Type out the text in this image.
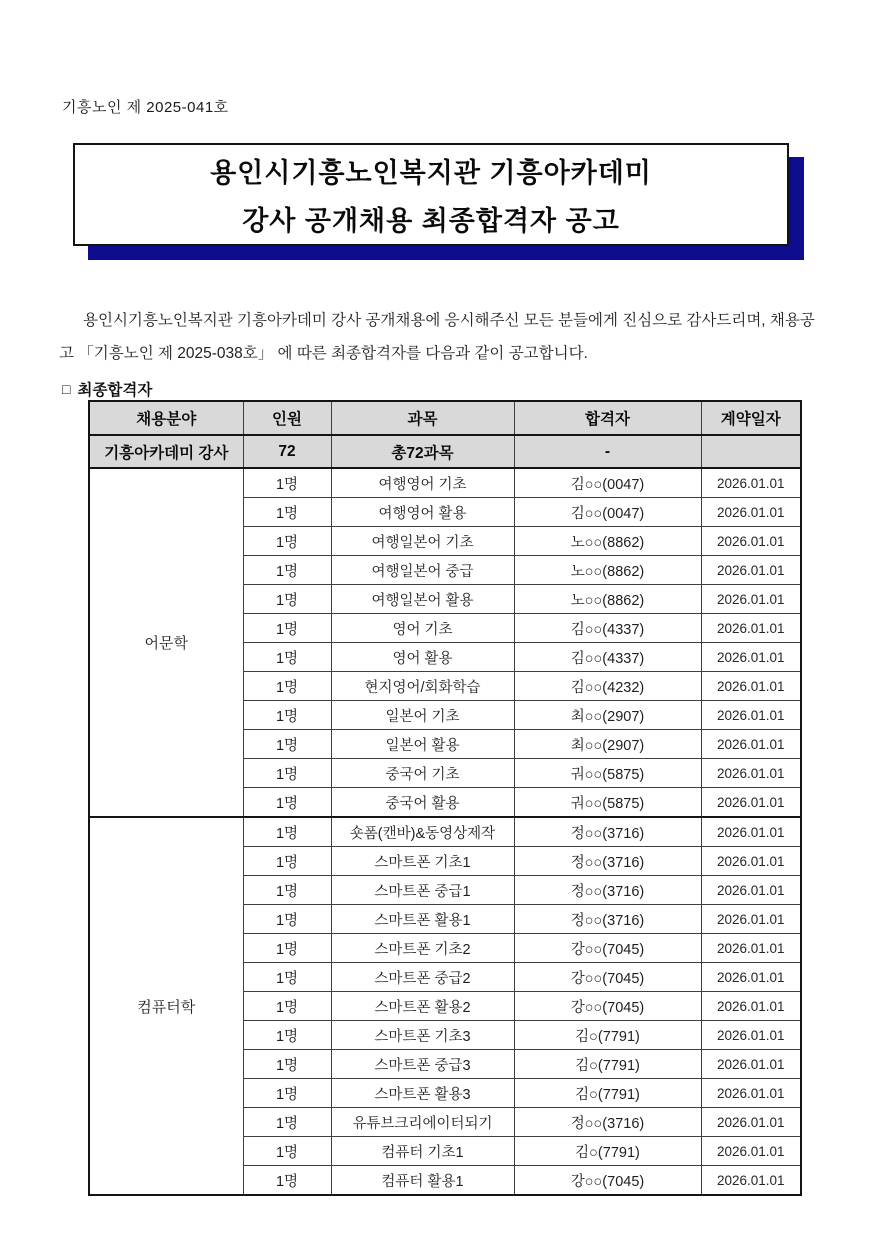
기흥노인 제 2025-041호
용인시기흥노인복지관 기흥아카데미
강사 공개채용 최종합격자 공고

용인시기흥노인복지관 기흥아카데미 강사 공개채용에 응시해주신 모든 분들에게 진심으로 감사드리며, 채용공고 「기흥노인 제 2025-038호」 에 따른 최종합격자를 다음과 같이 공고합니다.

□ 최종합격자
채용분야	인원	과목	합격자	계약일자
기흥아카데미 강사	72	총72과목	-	
어문학	1명	여행영어 기초	김○○(0047)	2026.01.01
	1명	여행영어 활용	김○○(0047)	2026.01.01
	1명	여행일본어 기초	노○○(8862)	2026.01.01
	1명	여행일본어 중급	노○○(8862)	2026.01.01
	1명	여행일본어 활용	노○○(8862)	2026.01.01
	1명	영어 기초	김○○(4337)	2026.01.01
	1명	영어 활용	김○○(4337)	2026.01.01
	1명	현지영어/회화학습	김○○(4232)	2026.01.01
	1명	일본어 기초	최○○(2907)	2026.01.01
	1명	일본어 활용	최○○(2907)	2026.01.01
	1명	중국어 기초	궈○○(5875)	2026.01.01
	1명	중국어 활용	궈○○(5875)	2026.01.01
컴퓨터학	1명	숏폼(캔바)&동영상제작	정○○(3716)	2026.01.01
	1명	스마트폰 기초1	정○○(3716)	2026.01.01
	1명	스마트폰 중급1	정○○(3716)	2026.01.01
	1명	스마트폰 활용1	정○○(3716)	2026.01.01
	1명	스마트폰 기초2	강○○(7045)	2026.01.01
	1명	스마트폰 중급2	강○○(7045)	2026.01.01
	1명	스마트폰 활용2	강○○(7045)	2026.01.01
	1명	스마트폰 기초3	김○(7791)	2026.01.01
	1명	스마트폰 중급3	김○(7791)	2026.01.01
	1명	스마트폰 활용3	김○(7791)	2026.01.01
	1명	유튜브크리에이터되기	정○○(3716)	2026.01.01
	1명	컴퓨터 기초1	김○(7791)	2026.01.01
	1명	컴퓨터 활용1	강○○(7045)	2026.01.01
